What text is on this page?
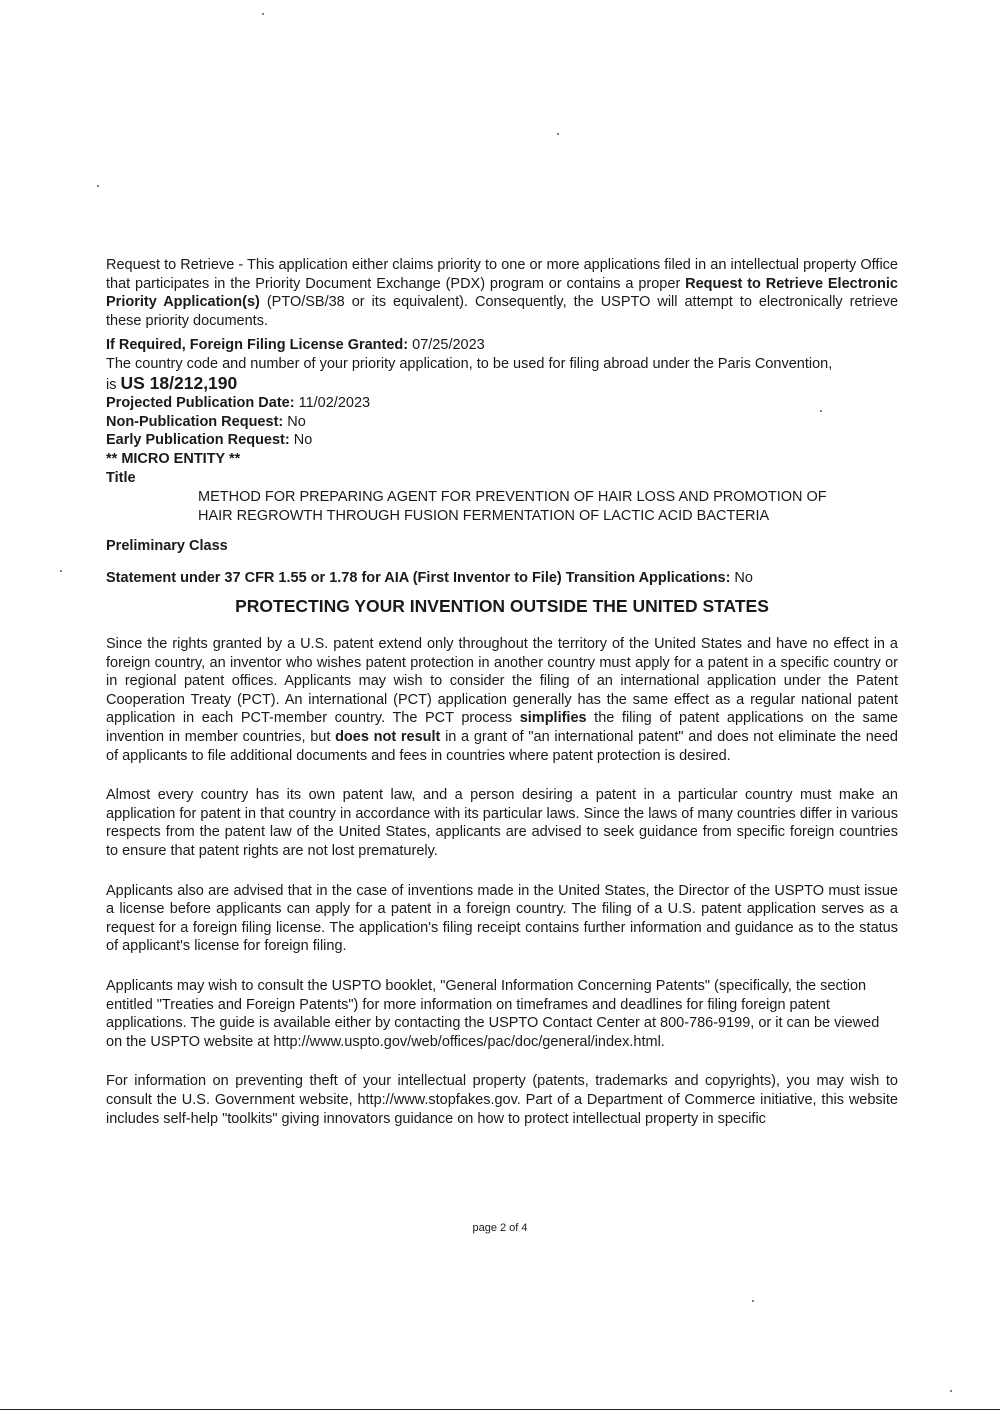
Request to Retrieve - This application either claims priority to one or more applications filed in an intellectual property Office that participates in the Priority Document Exchange (PDX) program or contains a proper Request to Retrieve Electronic Priority Application(s) (PTO/SB/38 or its equivalent). Consequently, the USPTO will attempt to electronically retrieve these priority documents.

If Required, Foreign Filing License Granted: 07/25/2023

The country code and number of your priority application, to be used for filing abroad under the Paris Convention,

is US 18/212,190

Projected Publication Date: 11/02/2023

Non-Publication Request: No

Early Publication Request: No

** MICRO ENTITY **

Title

METHOD FOR PREPARING AGENT FOR PREVENTION OF HAIR LOSS AND PROMOTION OF

HAIR REGROWTH THROUGH FUSION FERMENTATION OF LACTIC ACID BACTERIA

Preliminary Class

Statement under 37 CFR 1.55 or 1.78 for AIA (First Inventor to File) Transition Applications: No

PROTECTING YOUR INVENTION OUTSIDE THE UNITED STATES

Since the rights granted by a U.S. patent extend only throughout the territory of the United States and have no effect in a foreign country, an inventor who wishes patent protection in another country must apply for a patent in a specific country or in regional patent offices. Applicants may wish to consider the filing of an international application under the Patent Cooperation Treaty (PCT). An international (PCT) application generally has the same effect as a regular national patent application in each PCT-member country. The PCT process simplifies the filing of patent applications on the same invention in member countries, but does not result in a grant of "an international patent" and does not eliminate the need of applicants to file additional documents and fees in countries where patent protection is desired.

Almost every country has its own patent law, and a person desiring a patent in a particular country must make an application for patent in that country in accordance with its particular laws. Since the laws of many countries differ in various respects from the patent law of the United States, applicants are advised to seek guidance from specific foreign countries to ensure that patent rights are not lost prematurely.

Applicants also are advised that in the case of inventions made in the United States, the Director of the USPTO must issue a license before applicants can apply for a patent in a foreign country. The filing of a U.S. patent application serves as a request for a foreign filing license. The application's filing receipt contains further information and guidance as to the status of applicant's license for foreign filing.

Applicants may wish to consult the USPTO booklet, "General Information Concerning Patents" (specifically, the section entitled "Treaties and Foreign Patents") for more information on timeframes and deadlines for filing foreign patent applications. The guide is available either by contacting the USPTO Contact Center at 800-786-9199, or it can be viewed on the USPTO website at http://www.uspto.gov/web/offices/pac/doc/general/index.html.

For information on preventing theft of your intellectual property (patents, trademarks and copyrights), you may wish to consult the U.S. Government website, http://www.stopfakes.gov. Part of a Department of Commerce initiative, this website includes self-help "toolkits" giving innovators guidance on how to protect intellectual property in specific

page 2 of 4
